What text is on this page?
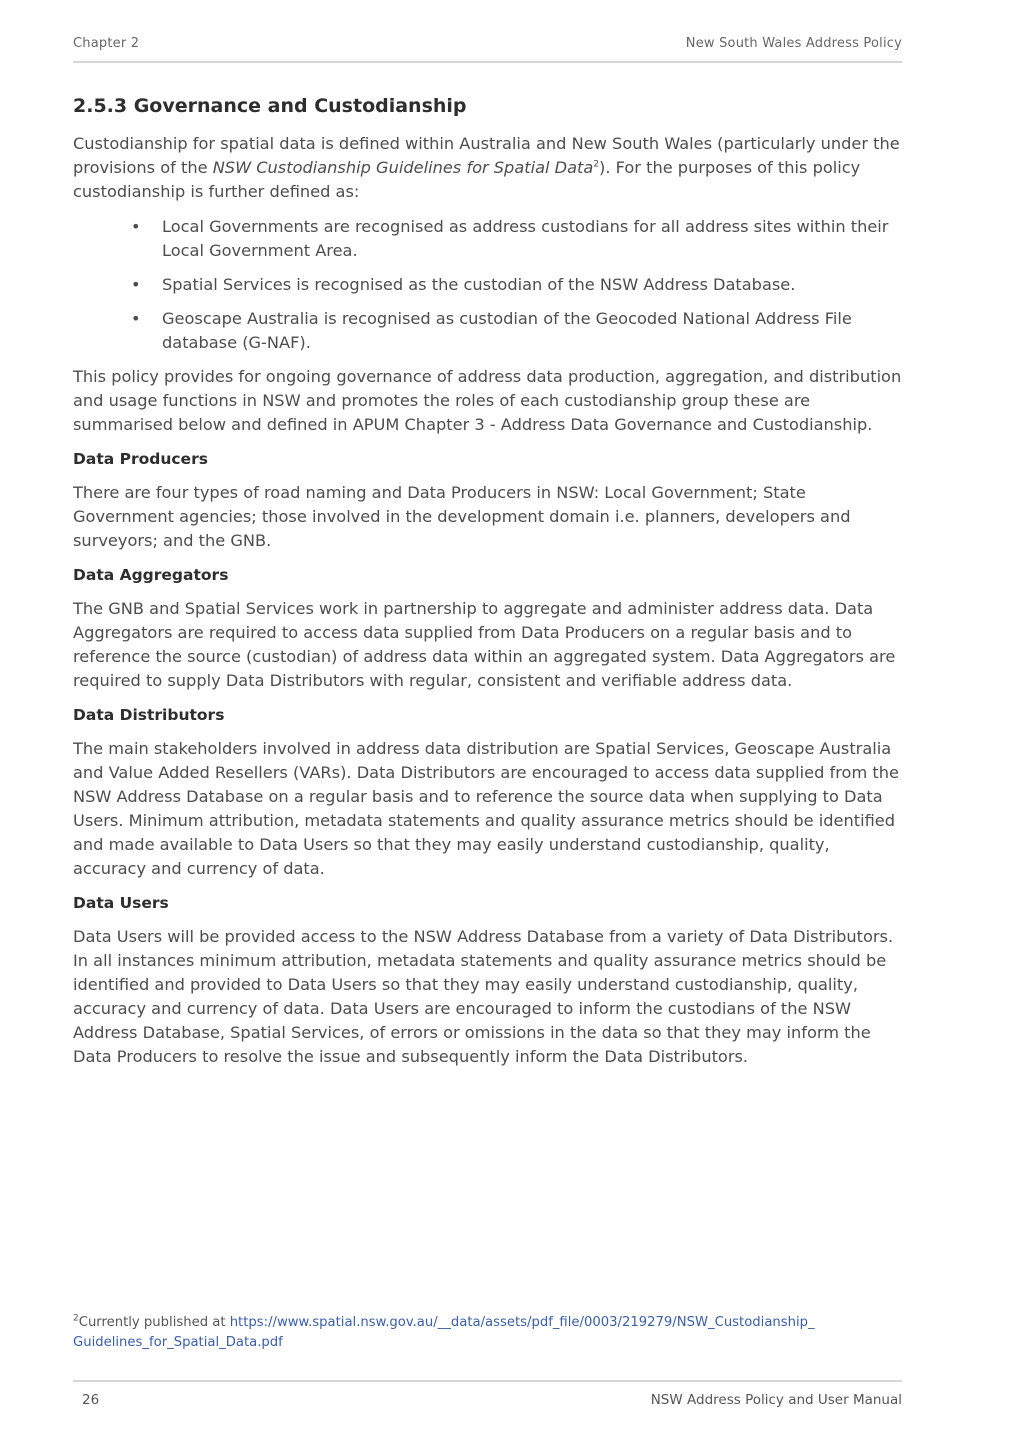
Chapter 2	New South Wales Address Policy
2.5.3 Governance and Custodianship

Custodianship for spatial data is defined within Australia and New South Wales (particularly under the provisions of the NSW Custodianship Guidelines for Spatial Data$^2$). For the purposes of this policy custodianship is further defined as:

• Local Governments are recognised as address custodians for all address sites within their Local Government Area.
• Spatial Services is recognised as the custodian of the NSW Address Database.
• Geoscape Australia is recognised as custodian of the Geocoded National Address File database (G-NAF).

This policy provides for ongoing governance of address data production, aggregation, and distribution and usage functions in NSW and promotes the roles of each custodianship group these are summarised below and defined in APUM Chapter 3 - Address Data Governance and Custodianship.

Data Producers

There are four types of road naming and Data Producers in NSW: Local Government; State Government agencies; those involved in the development domain i.e. planners, developers and surveyors; and the GNB.

Data Aggregators

The GNB and Spatial Services work in partnership to aggregate and administer address data. Data Aggregators are required to access data supplied from Data Producers on a regular basis and to reference the source (custodian) of address data within an aggregated system. Data Aggregators are required to supply Data Distributors with regular, consistent and verifiable address data.

Data Distributors

The main stakeholders involved in address data distribution are Spatial Services, Geoscape Australia and Value Added Resellers (VARs). Data Distributors are encouraged to access data supplied from the NSW Address Database on a regular basis and to reference the source data when supplying to Data Users. Minimum attribution, metadata statements and quality assurance metrics should be identified and made available to Data Users so that they may easily understand custodianship, quality, accuracy and currency of data.

Data Users

Data Users will be provided access to the NSW Address Database from a variety of Data Distributors. In all instances minimum attribution, metadata statements and quality assurance metrics should be identified and provided to Data Users so that they may easily understand custodianship, quality, accuracy and currency of data. Data Users are encouraged to inform the custodians of the NSW Address Database, Spatial Services, of errors or omissions in the data so that they may inform the Data Producers to resolve the issue and subsequently inform the Data Distributors.

$^2$Currently published at https://www.spatial.nsw.gov.au/__data/assets/pdf_file/0003/219279/NSW_Custodianship_
Guidelines_for_Spatial_Data.pdf
26	NSW Address Policy and User Manual
